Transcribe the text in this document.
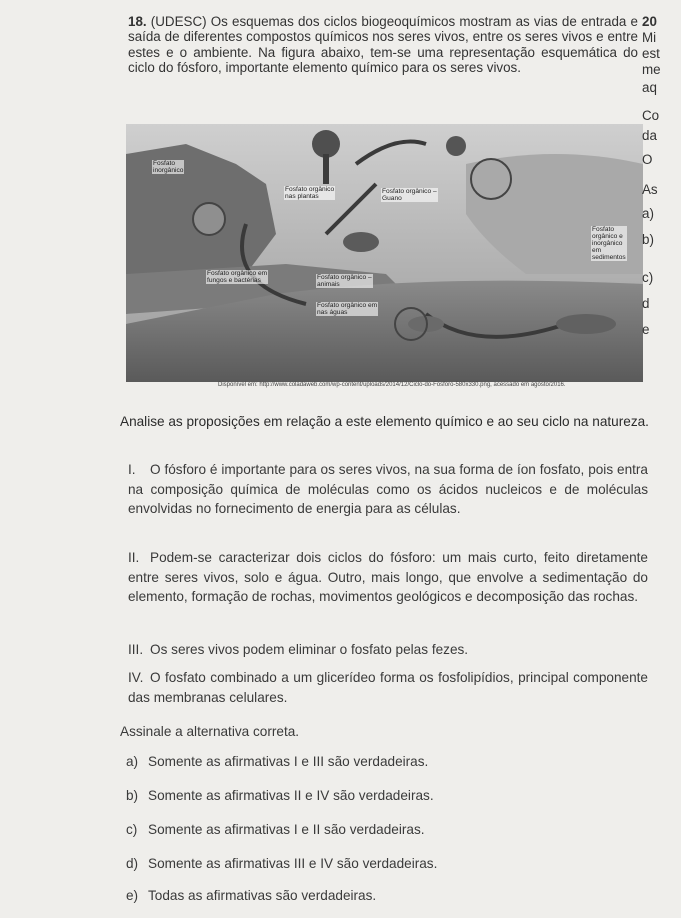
18. (UDESC) Os esquemas dos ciclos biogeoquímicos mostram as vias de entrada e saída de diferentes compostos químicos nos seres vivos, entre os seres vivos e entre estes e o ambiente. Na figura abaixo, tem-se uma representação esquemática do ciclo do fósforo, importante elemento químico para os seres vivos.

Fosfato
inorgânico
Fosfato orgânico
nas plantas
Fosfato orgânico –
Guano
Fosfato
orgânico e
inorgânico
em
sedimentos
Fosfato orgânico em
fungos e bactérias	Fosfato orgânico –
animais
Fosfato orgânico em
nas águas
Disponível em: http://www.coladaweb.com/wp-content/uploads/2014/12/Ciclo-do-Fosforo-580x330.png, acessado em agosto/2016.
Analise as proposições em relação a este elemento químico e ao seu ciclo na natureza.
I. O fósforo é importante para os seres vivos, na sua forma de íon fosfato, pois entra na composição química de moléculas como os ácidos nucleicos e de moléculas envolvidas no fornecimento de energia para as células.
II. Podem-se caracterizar dois ciclos do fósforo: um mais curto, feito diretamente entre seres vivos, solo e água. Outro, mais longo, que envolve a sedimentação do elemento, formação de rochas, movimentos geológicos e decomposição das rochas.
III. Os seres vivos podem eliminar o fosfato pelas fezes.
IV. O fosfato combinado a um glicerídeo forma os fosfolipídios, principal componente das membranas celulares.
Assinale a alternativa correta.
a) Somente as afirmativas I e III são verdadeiras.
b) Somente as afirmativas II e IV são verdadeiras.
c) Somente as afirmativas I e II são verdadeiras.
d) Somente as afirmativas III e IV são verdadeiras.
e) Todas as afirmativas são verdadeiras.
20
Mi
est
me
aq
Co
da
O
As
a)
b)
c)
d
e
